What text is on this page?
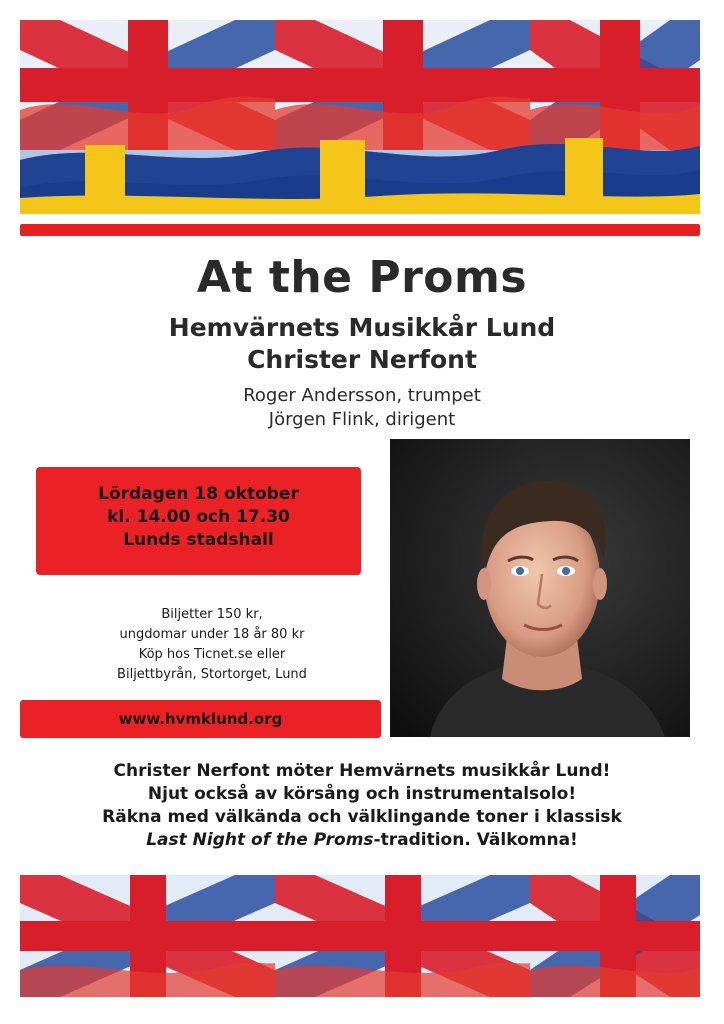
At the Proms
Hemvärnets Musikkår Lund
Christer Nerfont
Roger Andersson, trumpet
Jörgen Flink, dirigent
Lördagen 18 oktober
kl. 14.00 och 17.30
Lunds stadshall
Biljetter 150 kr,
ungdomar under 18 år 80 kr
Köp hos Ticnet.se eller
Biljettbyrån, Stortorget, Lund
www.hvmklund.org
Christer Nerfont möter Hemvärnets musikkår Lund!
Njut också av körsång och instrumentalsolo!
Räkna med välkända och välklingande toner i klassisk
Last Night of the Proms-tradition. Välkomna!
